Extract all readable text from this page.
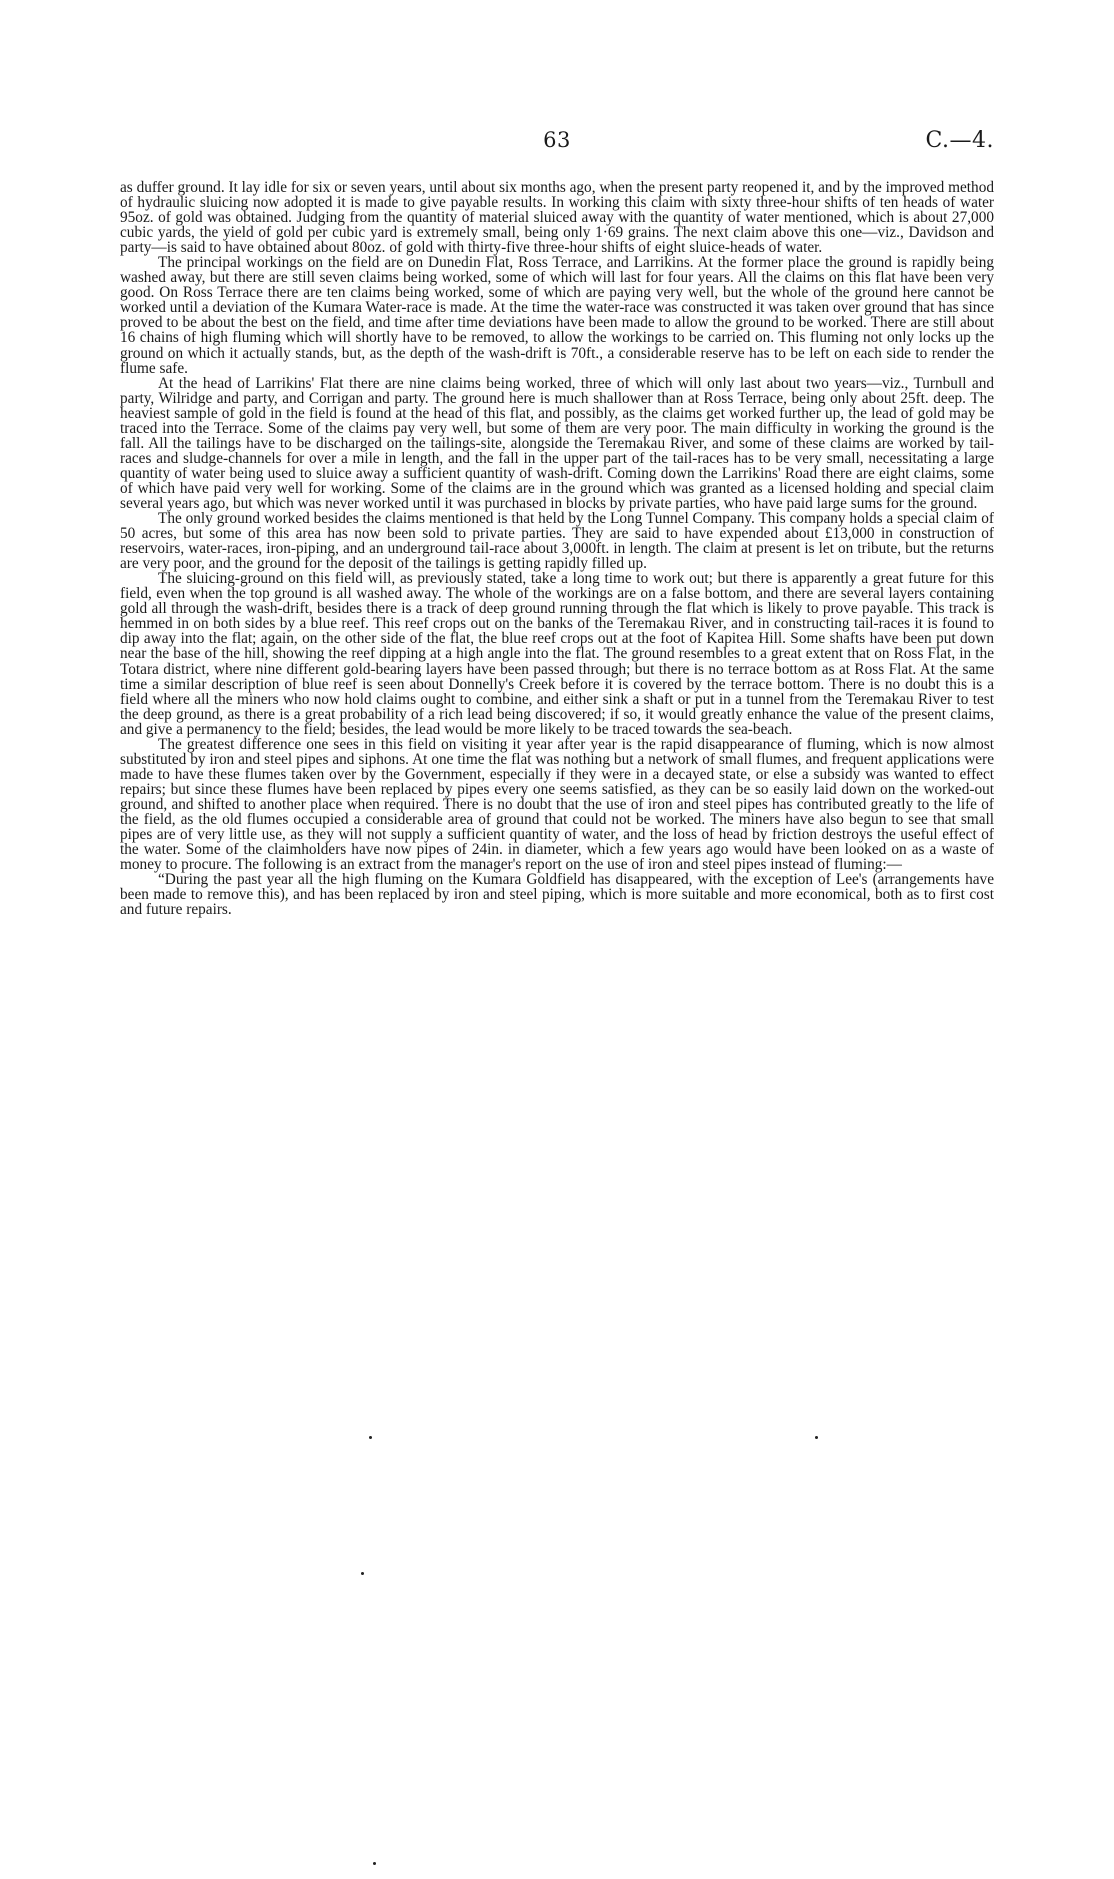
63	C.—4.

as duffer ground. It lay idle for six or seven years, until about six months ago, when the present party reopened it, and by the improved method of hydraulic sluicing now adopted it is made to give payable results. In working this claim with sixty three-hour shifts of ten heads of water 95oz. of gold was obtained. Judging from the quantity of material sluiced away with the quantity of water mentioned, which is about 27,000 cubic yards, the yield of gold per cubic yard is extremely small, being only 1·69 grains. The next claim above this one—viz., Davidson and party—is said to have obtained about 80oz. of gold with thirty-five three-hour shifts of eight sluice-heads of water.

The principal workings on the field are on Dunedin Flat, Ross Terrace, and Larrikins. At the former place the ground is rapidly being washed away, but there are still seven claims being worked, some of which will last for four years. All the claims on this flat have been very good. On Ross Terrace there are ten claims being worked, some of which are paying very well, but the whole of the ground here cannot be worked until a deviation of the Kumara Water-race is made. At the time the water-race was constructed it was taken over ground that has since proved to be about the best on the field, and time after time deviations have been made to allow the ground to be worked. There are still about 16 chains of high fluming which will shortly have to be removed, to allow the workings to be carried on. This fluming not only locks up the ground on which it actually stands, but, as the depth of the wash-drift is 70ft., a considerable reserve has to be left on each side to render the flume safe.

At the head of Larrikins' Flat there are nine claims being worked, three of which will only last about two years—viz., Turnbull and party, Wilridge and party, and Corrigan and party. The ground here is much shallower than at Ross Terrace, being only about 25ft. deep. The heaviest sample of gold in the field is found at the head of this flat, and possibly, as the claims get worked further up, the lead of gold may be traced into the Terrace. Some of the claims pay very well, but some of them are very poor. The main difficulty in working the ground is the fall. All the tailings have to be discharged on the tailings-site, alongside the Teremakau River, and some of these claims are worked by tail-races and sludge-channels for over a mile in length, and the fall in the upper part of the tail-races has to be very small, necessitating a large quantity of water being used to sluice away a sufficient quantity of wash-drift. Coming down the Larrikins' Road there are eight claims, some of which have paid very well for working. Some of the claims are in the ground which was granted as a licensed holding and special claim several years ago, but which was never worked until it was purchased in blocks by private parties, who have paid large sums for the ground.

The only ground worked besides the claims mentioned is that held by the Long Tunnel Company. This company holds a special claim of 50 acres, but some of this area has now been sold to private parties. They are said to have expended about £13,000 in construction of reservoirs, water-races, iron-piping, and an underground tail-race about 3,000ft. in length. The claim at present is let on tribute, but the returns are very poor, and the ground for the deposit of the tailings is getting rapidly filled up.

The sluicing-ground on this field will, as previously stated, take a long time to work out; but there is apparently a great future for this field, even when the top ground is all washed away. The whole of the workings are on a false bottom, and there are several layers containing gold all through the wash-drift, besides there is a track of deep ground running through the flat which is likely to prove payable. This track is hemmed in on both sides by a blue reef. This reef crops out on the banks of the Teremakau River, and in constructing tail-races it is found to dip away into the flat; again, on the other side of the flat, the blue reef crops out at the foot of Kapitea Hill. Some shafts have been put down near the base of the hill, showing the reef dipping at a high angle into the flat. The ground resembles to a great extent that on Ross Flat, in the Totara district, where nine different gold-bearing layers have been passed through; but there is no terrace bottom as at Ross Flat. At the same time a similar description of blue reef is seen about Donnelly's Creek before it is covered by the terrace bottom. There is no doubt this is a field where all the miners who now hold claims ought to combine, and either sink a shaft or put in a tunnel from the Teremakau River to test the deep ground, as there is a great probability of a rich lead being discovered; if so, it would greatly enhance the value of the present claims, and give a permanency to the field; besides, the lead would be more likely to be traced towards the sea-beach.

The greatest difference one sees in this field on visiting it year after year is the rapid disappearance of fluming, which is now almost substituted by iron and steel pipes and siphons. At one time the flat was nothing but a network of small flumes, and frequent applications were made to have these flumes taken over by the Government, especially if they were in a decayed state, or else a subsidy was wanted to effect repairs; but since these flumes have been replaced by pipes every one seems satisfied, as they can be so easily laid down on the worked-out ground, and shifted to another place when required. There is no doubt that the use of iron and steel pipes has contributed greatly to the life of the field, as the old flumes occupied a considerable area of ground that could not be worked. The miners have also begun to see that small pipes are of very little use, as they will not supply a sufficient quantity of water, and the loss of head by friction destroys the useful effect of the water. Some of the claimholders have now pipes of 24in. in diameter, which a few years ago would have been looked on as a waste of money to procure. The following is an extract from the manager's report on the use of iron and steel pipes instead of fluming:—

“During the past year all the high fluming on the Kumara Goldfield has disappeared, with the exception of Lee's (arrangements have been made to remove this), and has been replaced by iron and steel piping, which is more suitable and more economical, both as to first cost and future repairs.
